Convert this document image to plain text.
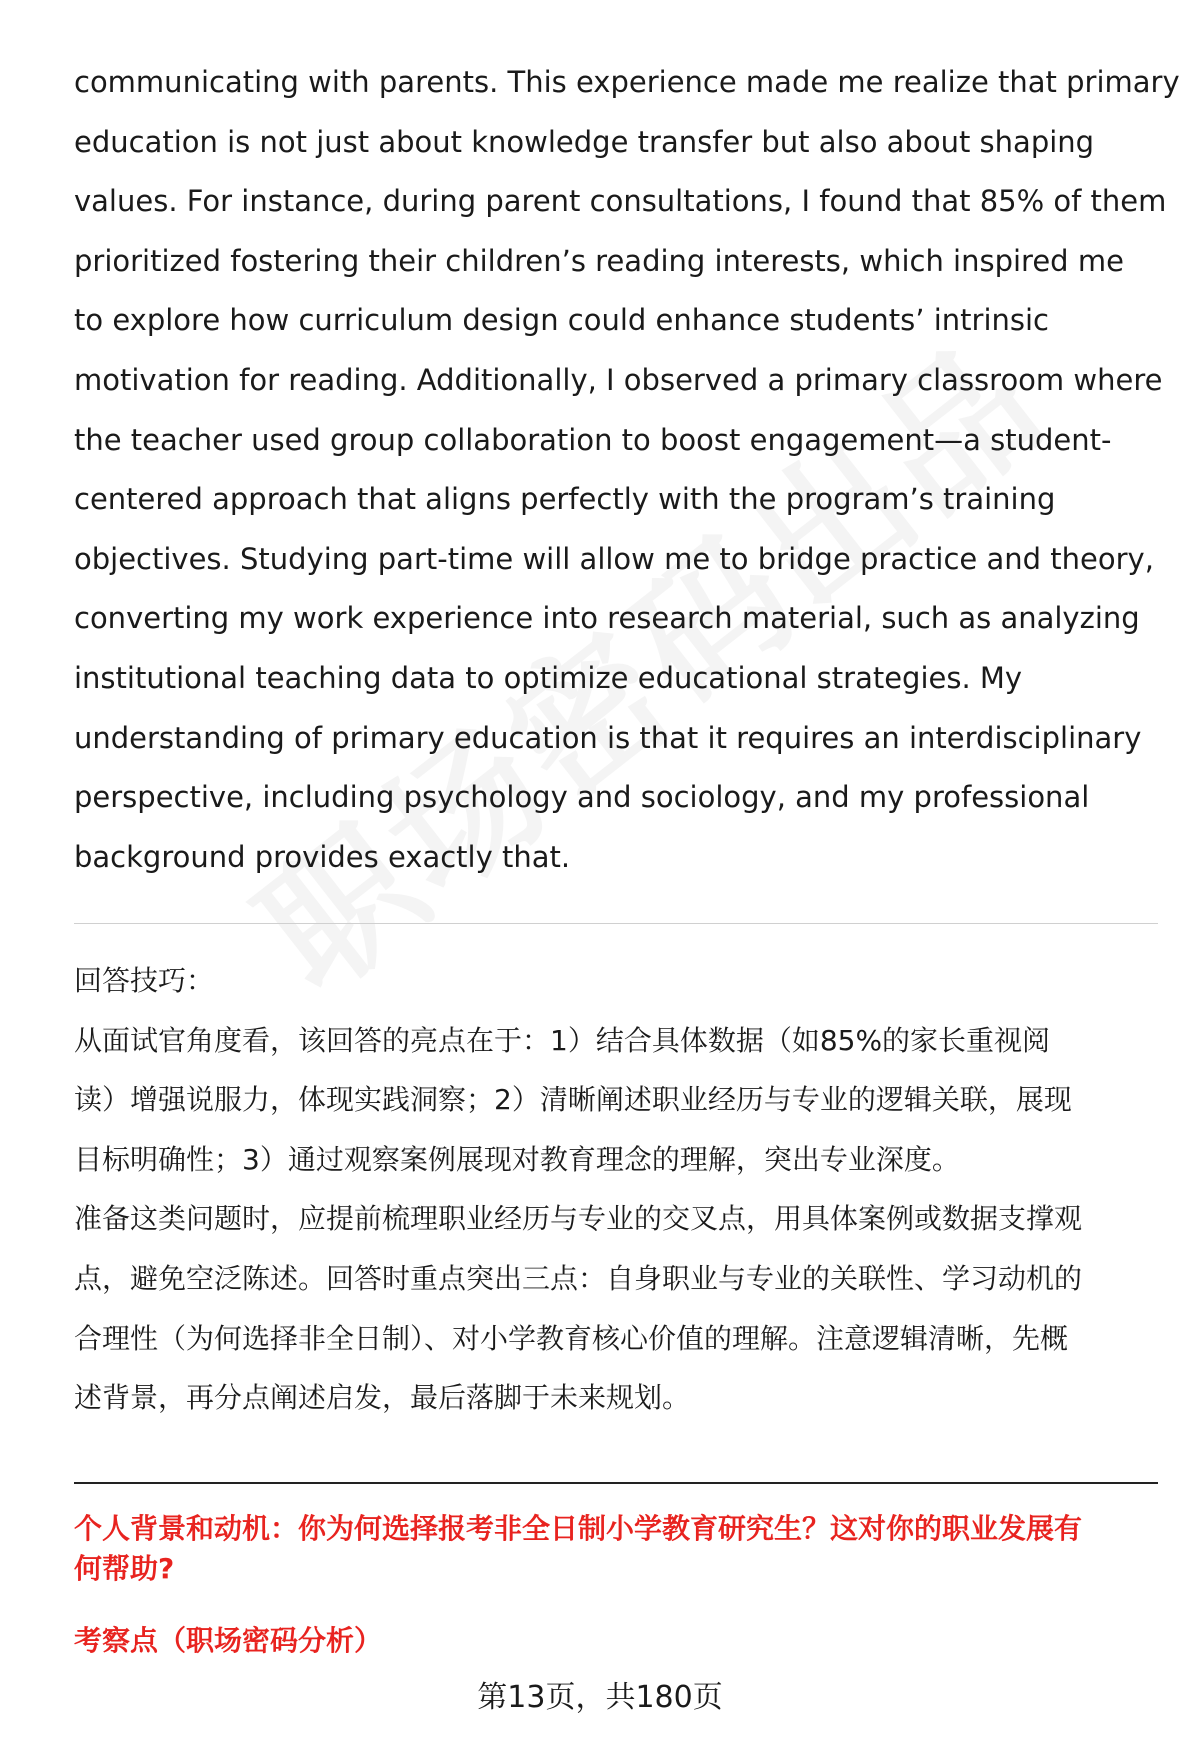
communicating with parents. This experience made me realize that primary
education is not just about knowledge transfer but also about shaping
values. For instance, during parent consultations, I found that 85% of them
prioritized fostering their children’s reading interests, which inspired me
to explore how curriculum design could enhance students’ intrinsic
motivation for reading. Additionally, I observed a primary classroom where
the teacher used group collaboration to boost engagement—a student-
centered approach that aligns perfectly with the program’s training
objectives. Studying part-time will allow me to bridge practice and theory,
converting my work experience into research material, such as analyzing
institutional teaching data to optimize educational strategies. My
understanding of primary education is that it requires an interdisciplinary
perspective, including psychology and sociology, and my professional
background provides exactly that.
回答技巧：
从面试官角度看，该回答的亮点在于：1）结合具体数据（如85%的家长重视阅
读）增强说服力，体现实践洞察；2）清晰阐述职业经历与专业的逻辑关联，展现
目标明确性；3）通过观察案例展现对教育理念的理解，突出专业深度。
准备这类问题时，应提前梳理职业经历与专业的交叉点，用具体案例或数据支撑观
点，避免空泛陈述。回答时重点突出三点：自身职业与专业的关联性、学习动机的
合理性（为何选择非全日制）、对小学教育核心价值的理解。注意逻辑清晰，先概
述背景，再分点阐述启发，最后落脚于未来规划。
个人背景和动机：你为何选择报考非全日制小学教育研究生？这对你的职业发展有
何帮助?
考察点（职场密码分析）
第13页，共180页
